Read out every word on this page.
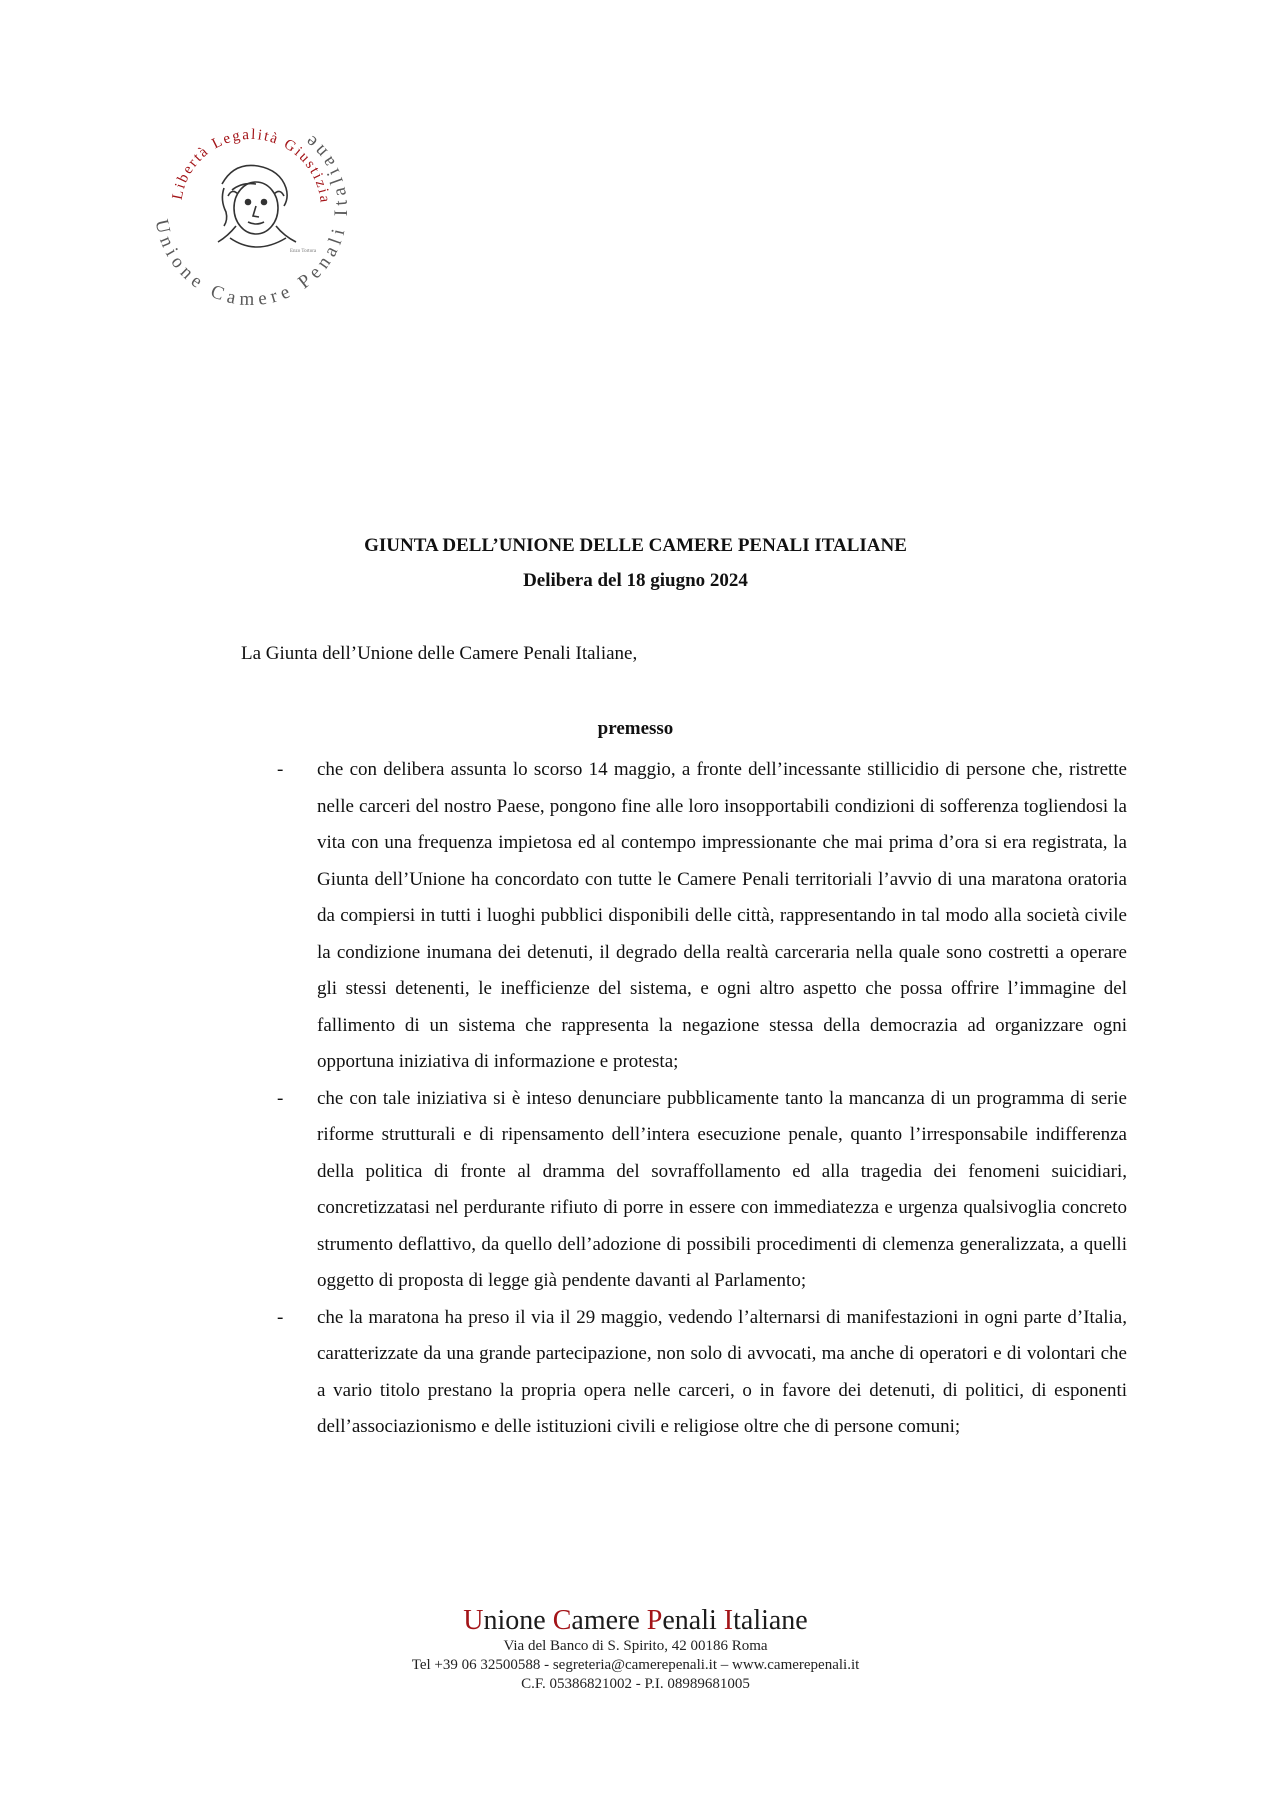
Unione Camere Penali Italiane
Libertà Legalità Giustizia
Enzo Tortora

GIUNTA DELL’UNIONE DELLE CAMERE PENALI ITALIANE

Delibera del 18 giugno 2024

La Giunta dell’Unione delle Camere Penali Italiane,

premesso

- che con delibera assunta lo scorso 14 maggio, a fronte dell’incessante stillicidio di persone che, ristrette nelle carceri del nostro Paese, pongono fine alle loro insopportabili condizioni di sofferenza togliendosi la vita con una frequenza impietosa ed al contempo impressionante che mai prima d’ora si era registrata, la Giunta dell’Unione ha concordato con tutte le Camere Penali territoriali l’avvio di una maratona oratoria da compiersi in tutti i luoghi pubblici disponibili delle città, rappresentando in tal modo alla società civile la condizione inumana dei detenuti, il degrado della realtà carceraria nella quale sono costretti a operare gli stessi detenenti, le inefficienze del sistema, e ogni altro aspetto che possa offrire l’immagine del fallimento di un sistema che rappresenta la negazione stessa della democrazia ad organizzare ogni opportuna iniziativa di informazione e protesta;
- che con tale iniziativa si è inteso denunciare pubblicamente tanto la mancanza di un programma di serie riforme strutturali e di ripensamento dell’intera esecuzione penale, quanto l’irresponsabile indifferenza della politica di fronte al dramma del sovraffollamento ed alla tragedia dei fenomeni suicidiari, concretizzatasi nel perdurante rifiuto di porre in essere con immediatezza e urgenza qualsivoglia concreto strumento deflattivo, da quello dell’adozione di possibili procedimenti di clemenza generalizzata, a quelli oggetto di proposta di legge già pendente davanti al Parlamento;
- che la maratona ha preso il via il 29 maggio, vedendo l’alternarsi di manifestazioni in ogni parte d’Italia, caratterizzate da una grande partecipazione, non solo di avvocati, ma anche di operatori e di volontari che a vario titolo prestano la propria opera nelle carceri, o in favore dei detenuti, di politici, di esponenti dell’associazionismo e delle istituzioni civili e religiose oltre che di persone comuni;

Unione Camere Penali Italiane

Via del Banco di S. Spirito, 42 00186 Roma

Tel +39 06 32500588 - segreteria@camerepenali.it – www.camerepenali.it

C.F. 05386821002 - P.I. 08989681005
